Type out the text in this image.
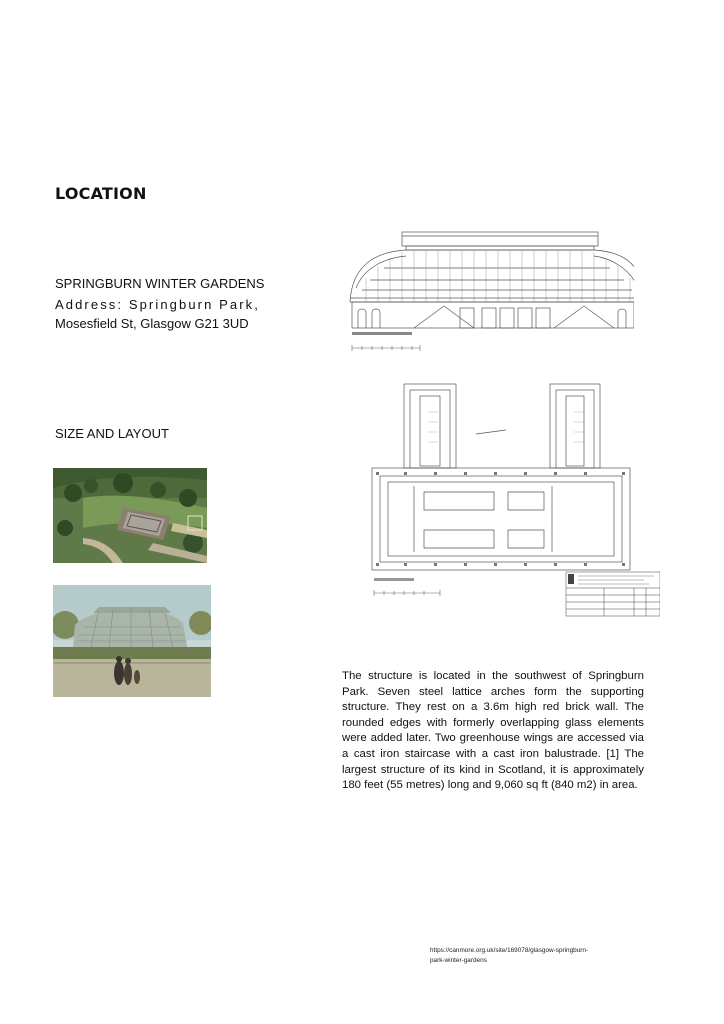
LOCATION
SPRINGBURN WINTER GARDENS
Address: Springburn Park,
Mosesfield St, Glasgow G21 3UD
SIZE AND LAYOUT
The structure is located in the southwest of Springburn Park. Seven steel lattice arches form the supporting structure. They rest on a 3.6m high red brick wall. The rounded edges with formerly overlapping glass elements were added later. Two greenhouse wings are accessed via a cast iron staircase with a cast iron balustrade. [1] The largest structure of its kind in Scotland, it is approximately 180 feet (55 metres) long and 9,060 sq ft (840 m2) in area.
https://canmore.org.uk/site/169078/glasgow-springburn-park-winter-gardens
